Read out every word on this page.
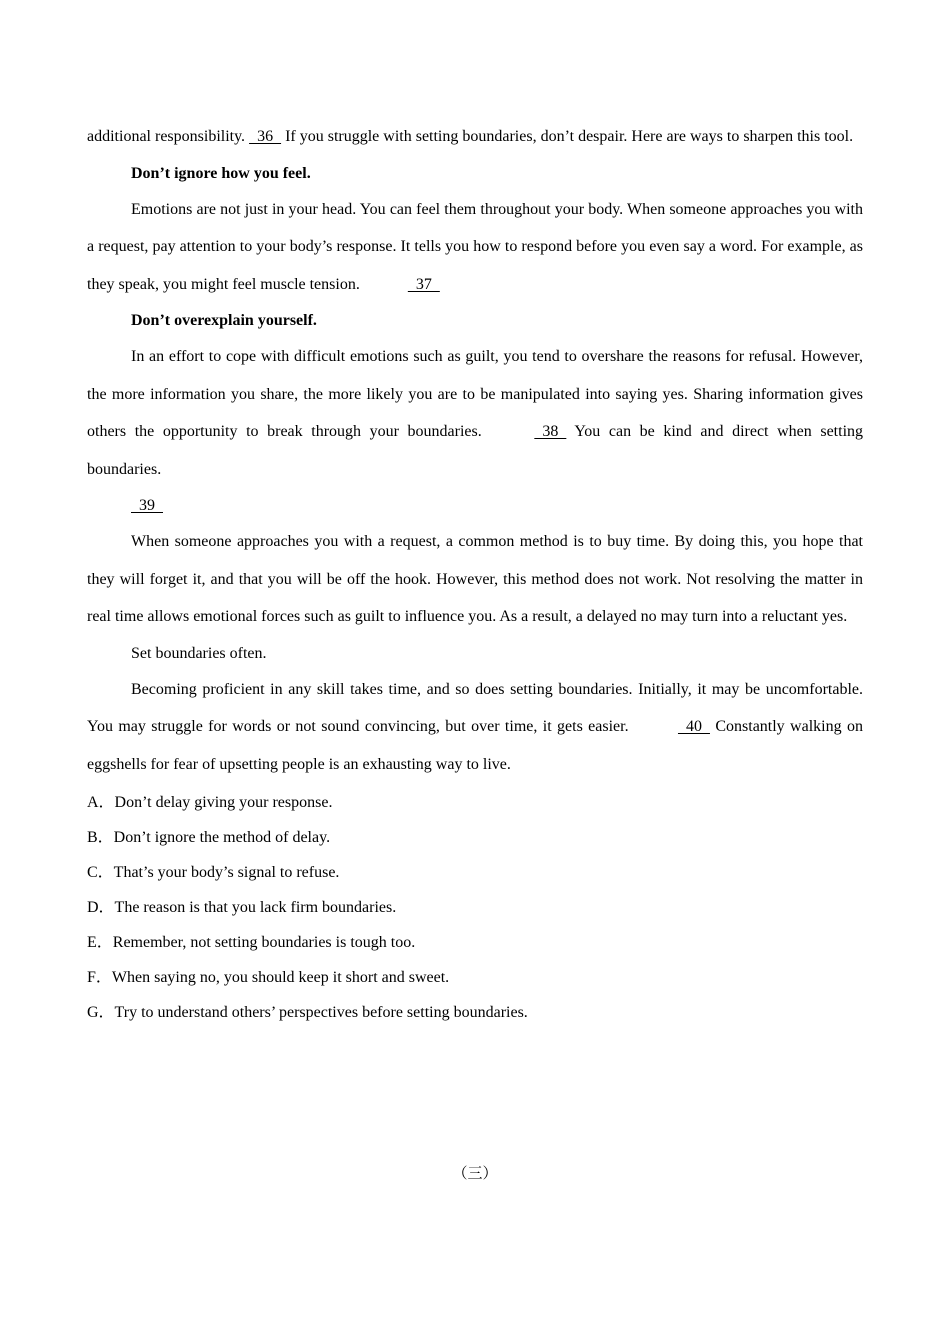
additional responsibility.   36   If you struggle with setting boundaries, don’t despair. Here are ways to sharpen this tool.

Don’t ignore how you feel.

Emotions are not just in your head. You can feel them throughout your body. When someone approaches you with a request, pay attention to your body’s response. It tells you how to respond before you even say a word. For example, as they speak, you might feel muscle tension.	37

Don’t overexplain yourself.

In an effort to cope with difficult emotions such as guilt, you tend to overshare the reasons for refusal. However, the more information you share, the more likely you are to be manipulated into saying yes. Sharing information gives others the opportunity to break through your boundaries.	38   You can be kind and direct when setting boundaries.

39

When someone approaches you with a request, a common method is to buy time. By doing this, you hope that they will forget it, and that you will be off the hook. However, this method does not work. Not resolving the matter in real time allows emotional forces such as guilt to influence you. As a result, a delayed no may turn into a reluctant yes.

Set boundaries often.

Becoming proficient in any skill takes time, and so does setting boundaries. Initially, it may be uncomfortable. You may struggle for words or not sound convincing, but over time, it gets easier.	40   Constantly walking on eggshells for fear of upsetting people is an exhausting way to live.

A．Don’t delay giving your response.

B．Don’t ignore the method of delay.

C．That’s your body’s signal to refuse.

D．The reason is that you lack firm boundaries.

E．Remember, not setting boundaries is tough too.

F．When saying no, you should keep it short and sweet.

G．Try to understand others’ perspectives before setting boundaries.

（三）
